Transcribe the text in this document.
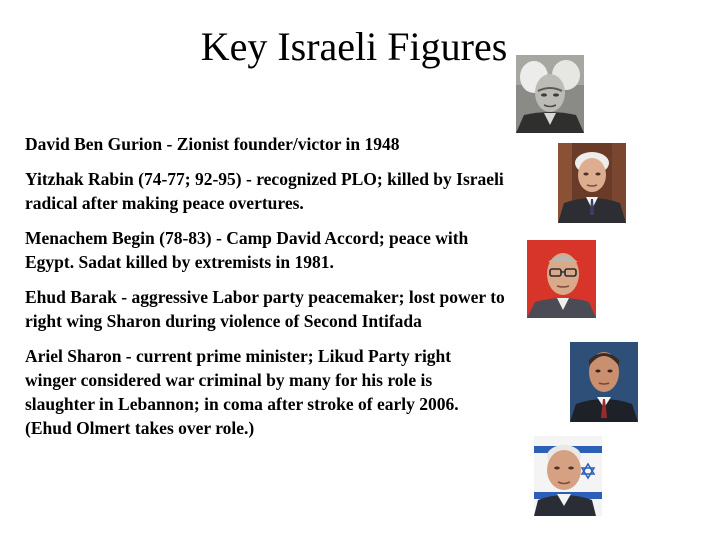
Key Israeli Figures

David Ben Gurion - Zionist founder/victor in 1948

Yitzhak Rabin (74-77; 92-95) - recognized PLO; killed by Israeli radical after making peace overtures.

Menachem Begin (78-83) - Camp David Accord; peace with Egypt. Sadat killed by extremists in 1981.

Ehud Barak - aggressive Labor party peacemaker; lost power to right wing Sharon during violence of Second Intifada

Ariel Sharon - current prime minister; Likud Party right winger considered war criminal by many for his role is slaughter in Lebannon; in coma after stroke of early 2006. (Ehud Olmert takes over role.)
